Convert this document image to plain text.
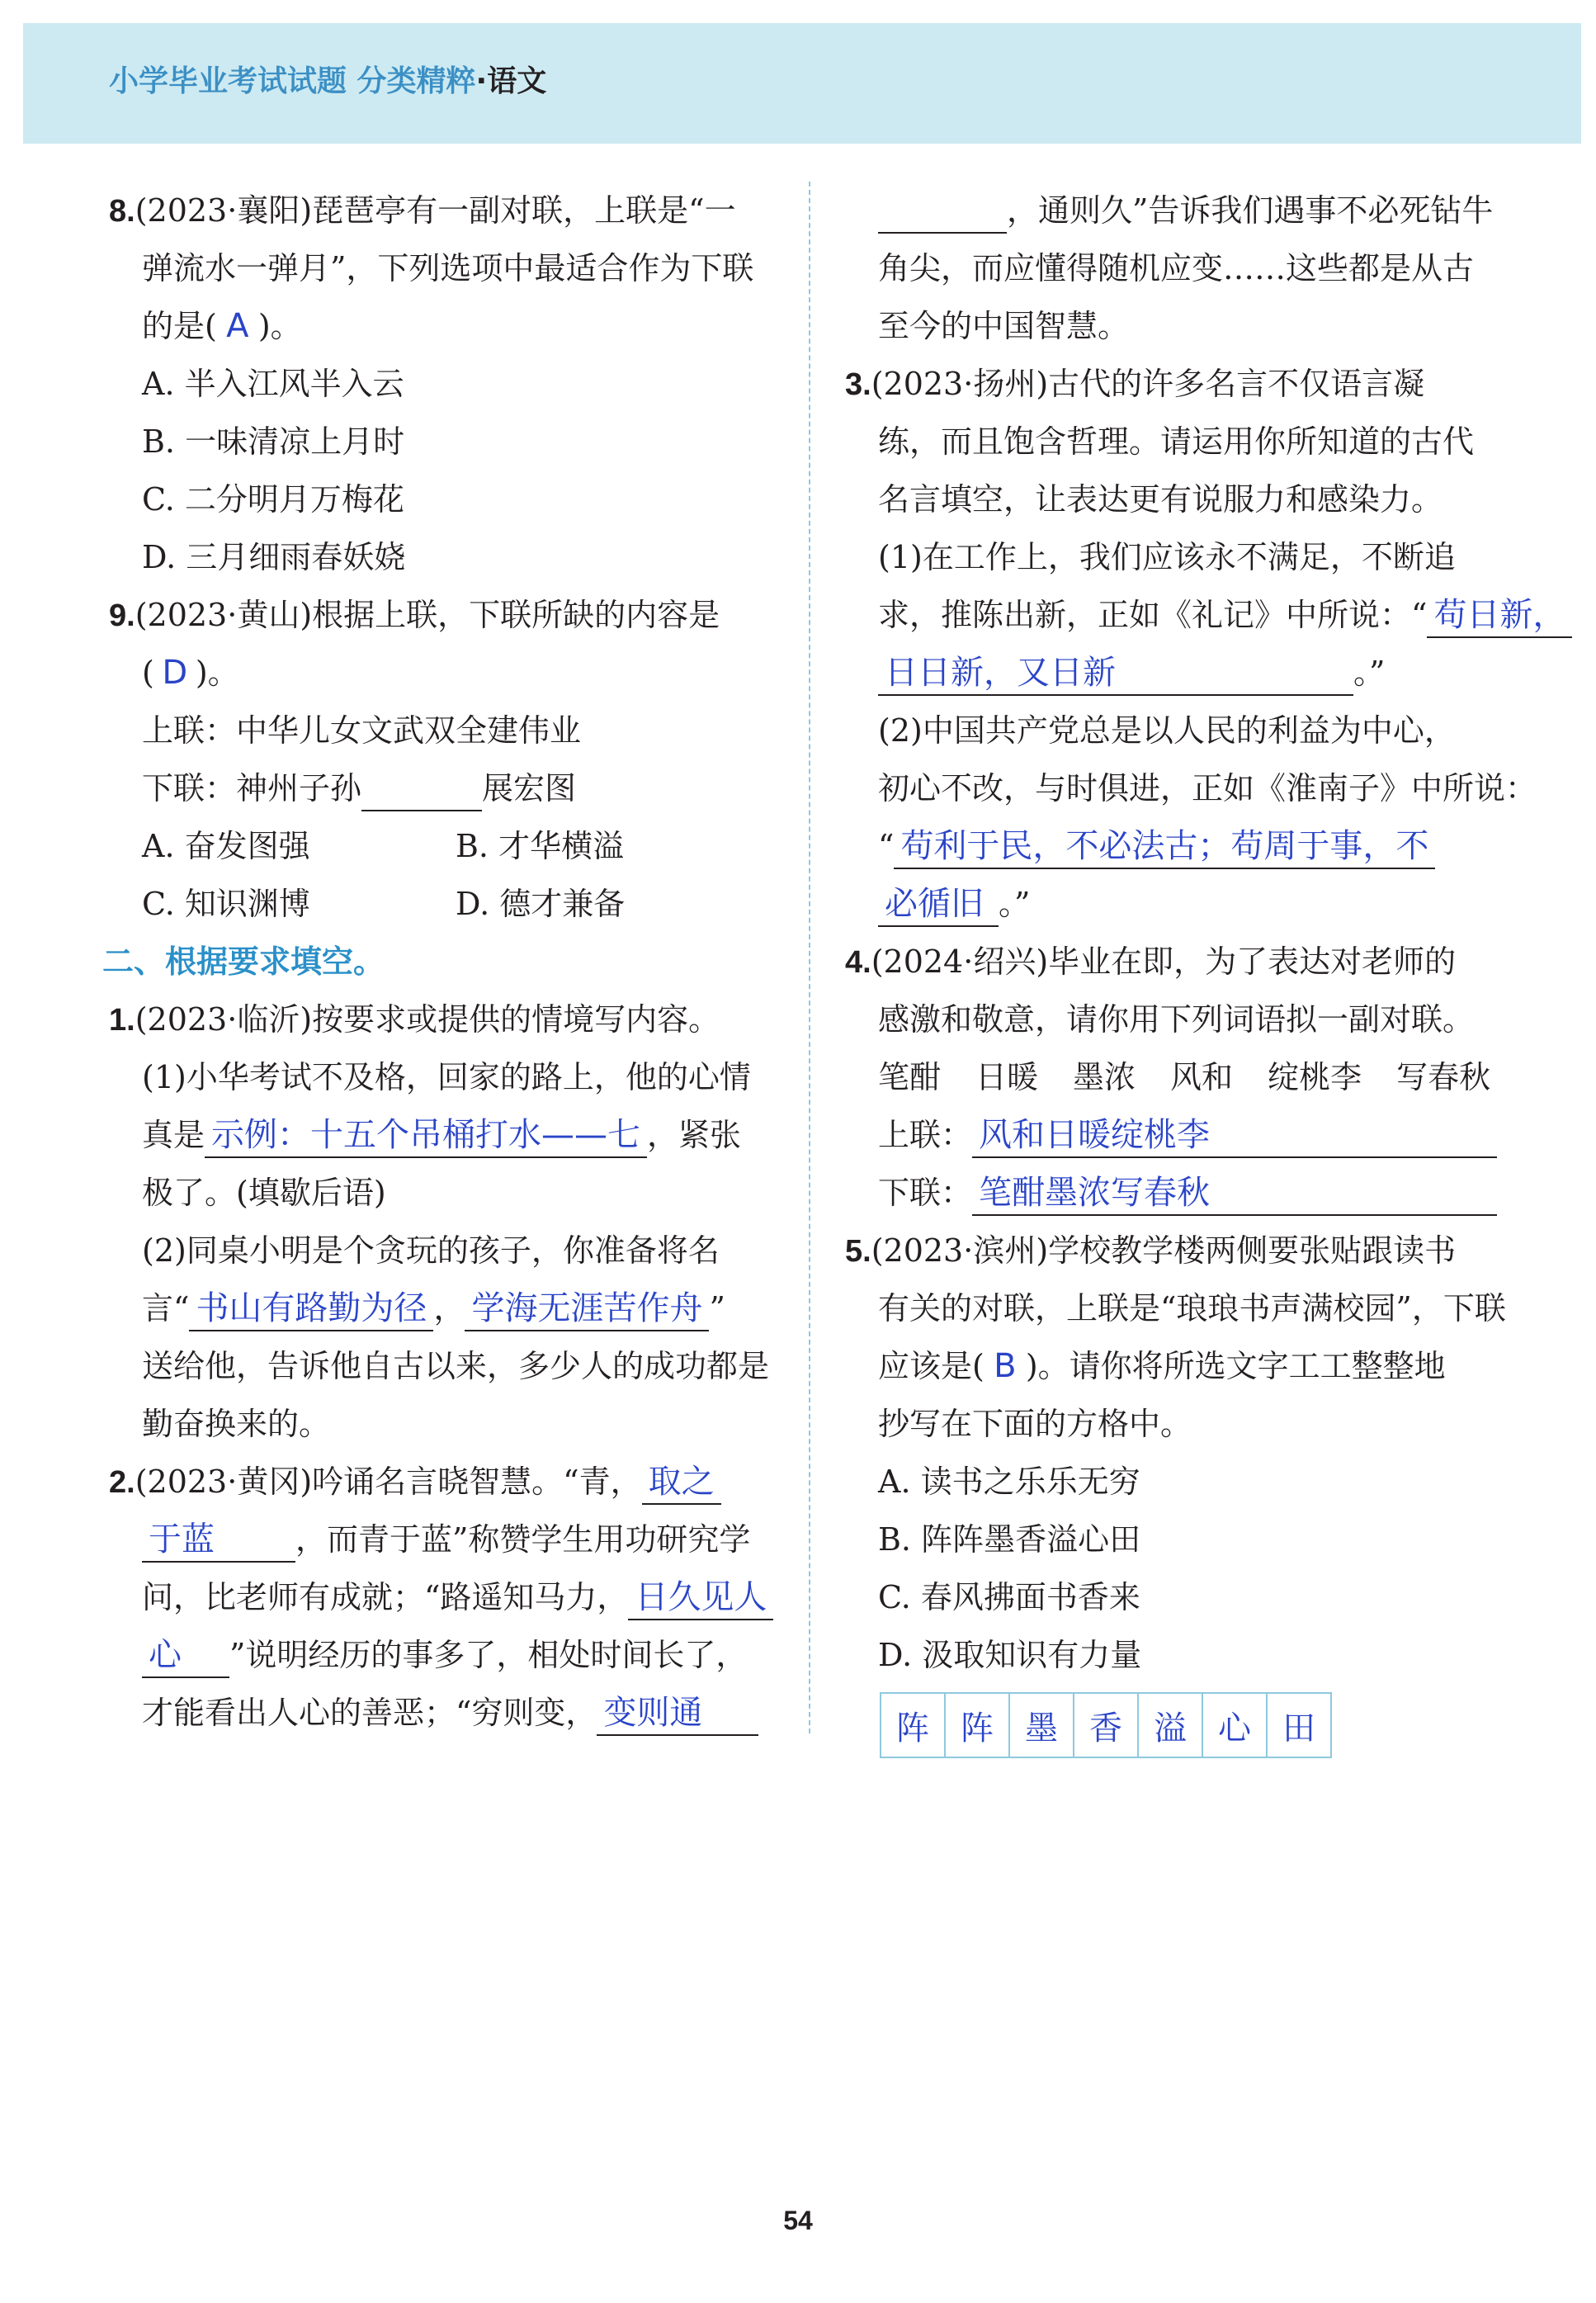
小学毕业考试试题 分类精粹·语文
8.(2023·襄阳)琵琶亭有一副对联，上联是“一
弹流水一弹月”，下列选项中最适合作为下联
的是( A )。
A. 半入江风半入云
B. 一味清凉上月时
C. 二分明月万梅花
D. 三月细雨春妖娆
9.(2023·黄山)根据上联，下联所缺的内容是
( D )。
上联：中华儿女文武双全建伟业
下联：神州子孙	展宏图
A. 奋发图强	B. 才华横溢
C. 知识渊博	D. 德才兼备
二、根据要求填空。
1.(2023·临沂)按要求或提供的情境写内容。
(1)小华考试不及格，回家的路上，他的心情
真是 示例：十五个吊桶打水——七 ，紧张
极了。(填歇后语)
(2)同桌小明是个贪玩的孩子，你准备将名
言“ 书山有路勤为径 ， 学海无涯苦作舟 ”
送给他，告诉他自古以来，多少人的成功都是
勤奋换来的。
2.(2023·黄冈)吟诵名言晓智慧。“青， 取之
于蓝	，而青于蓝”称赞学生用功研究学
问，比老师有成就；“路遥知马力， 日久见人
心 ”说明经历的事多了，相处时间长了，
才能看出人心的善恶；“穷则变， 变则通
，通则久”告诉我们遇事不必死钻牛
角尖，而应懂得随机应变……这些都是从古
至今的中国智慧。
3.(2023·扬州)古代的许多名言不仅语言凝
练，而且饱含哲理。请运用你所知道的古代
名言填空，让表达更有说服力和感染力。
(1)在工作上，我们应该永不满足，不断追
求，推陈出新，正如《礼记》中所说：“ 苟日新，
日日新，又日新	。”
(2)中国共产党总是以人民的利益为中心，
初心不改，与时俱进，正如《淮南子》中所说：
“ 苟利于民，不必法古；苟周于事，不
必循旧 。”
4.(2024·绍兴)毕业在即，为了表达对老师的
感激和敬意，请你用下列词语拟一副对联。
笔酣 日暖 墨浓 风和 绽桃李 写春秋
上联： 风和日暖绽桃李
下联： 笔酣墨浓写春秋
5.(2023·滨州)学校教学楼两侧要张贴跟读书
有关的对联，上联是“琅琅书声满校园”，下联
应该是( B )。请你将所选文字工工整整地
抄写在下面的方格中。
A. 读书之乐乐无穷
B. 阵阵墨香溢心田
C. 春风拂面书香来
D. 汲取知识有力量
阵 阵 墨 香 溢 心 田
54
